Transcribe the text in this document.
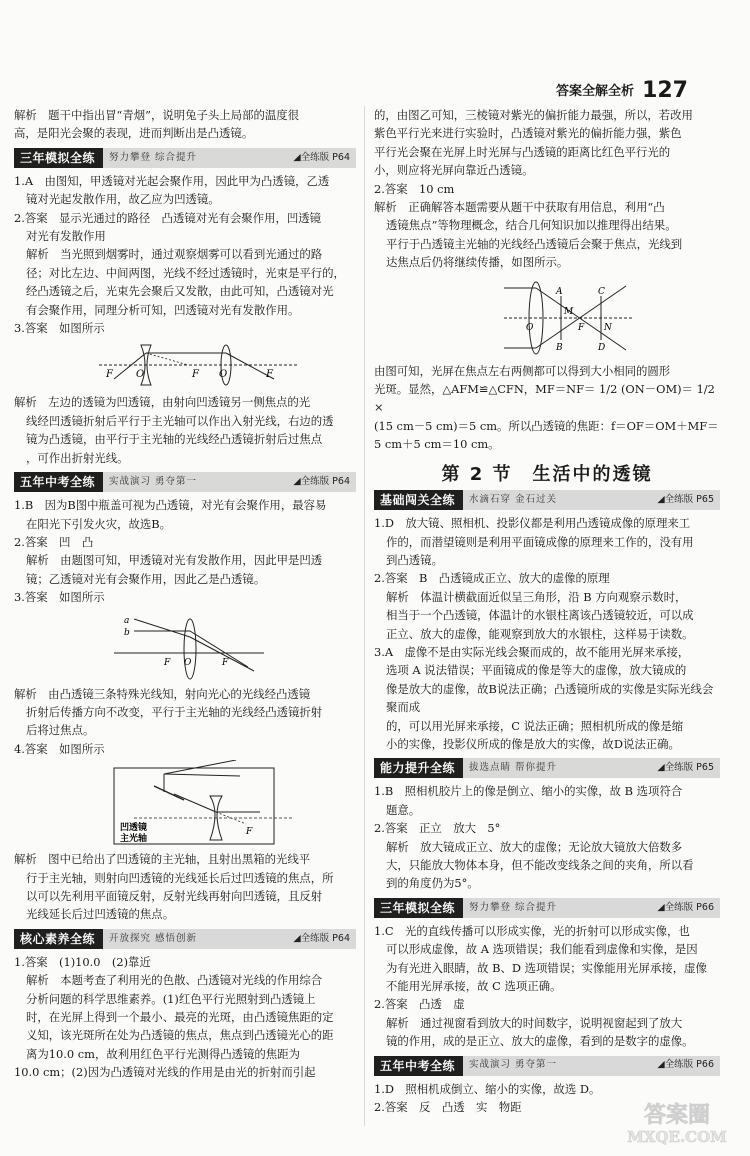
答案全解全析 127

解析　题干中指出冒“青烟”，说明兔子头上局部的温度很

高，是阳光会聚的表现，进而判断出是凸透镜。

三年模拟全练	努力攀登 综合提升	◢全练版 P64

1.A　由图知，甲透镜对光起会聚作用，因此甲为凸透镜，乙透

镜对光起发散作用，故乙应为凹透镜。

2.答案　显示光通过的路径　凸透镜对光有会聚作用，凹透镜

对光有发散作用

解析　当光照到烟雾时，通过观察烟雾可以看到光通过的路

径；对比左边、中间两图，光线不经过透镜时，光束是平行的，

经凸透镜之后，光束先会聚后又发散，由此可知，凸透镜对光

有会聚作用，同理分析可知，凹透镜对光有发散作用。

3.答案　如图所示

F O	F O	F

解析　左边的透镜为凹透镜，由射向凹透镜另一侧焦点的光

线经凹透镜折射后平行于主光轴可以作出入射光线，右边的透

镜为凸透镜，由平行于主光轴的光线经凸透镜折射后过焦点

，可作出折射光线。

五年中考全练	实战演习 勇夺第一	◢全练版 P64

1.B　因为B图中瓶盖可视为凸透镜，对光有会聚作用，最容易

在阳光下引发火灾，故选B。

2.答案　凹　凸

解析　由题图可知，甲透镜对光有发散作用，因此甲是凹透

镜；乙透镜对光有会聚作用，因此乙是凸透镜。

3.答案　如图所示

a
b
F O	F

解析　由凸透镜三条特殊光线知，射向光心的光线经凸透镜

折射后传播方向不改变，平行于主光轴的光线经凸透镜折射

后将过焦点。

4.答案　如图所示

F
凹透镜
主光轴

解析　图中已给出了凹透镜的主光轴，且射出黑箱的光线平

行于主光轴，则射向凹透镜的光线延长后过凹透镜的焦点，所

以可以先利用平面镜反射，反射光线再射向凹透镜，且反射

光线延长后过凹透镜的焦点。

核心素养全练	开放探究 感悟创新	◢全练版 P64

1.答案　(1)10.0　(2)靠近

解析　本题考查了利用光的色散、凸透镜对光线的作用综合

分析问题的科学思维素养。(1)红色平行光照射到凸透镜上

时，在光屏上得到一个最小、最亮的光斑，由凸透镜焦距的定

义知，该光斑所在处为凸透镜的焦点，焦点到凸透镜光心的距

离为10.0 cm，故利用红色平行光测得凸透镜的焦距为

10.0 cm；(2)因为凸透镜对光线的作用是由光的折射而引起

的，由图乙可知，三棱镜对紫光的偏折能力最强，所以，若改用

紫色平行光来进行实验时，凸透镜对紫光的偏折能力强，紫色

平行光会聚在光屏上时光屏与凸透镜的距离比红色平行光的

小，则应将光屏向靠近凸透镜。

2.答案　10 cm

解析　正确解答本题需要从题干中获取有用信息，利用“凸

透镜焦点”等物理概念，结合几何知识加以推理得出结果。

平行于凸透镜主光轴的光线经凸透镜后会聚于焦点，光线到

达焦点后仍将继续传播，如图所示。

A
B
C
D
F
M
N
O

由图可知，光屏在焦点左右两侧都可以得到大小相同的圆形

光斑。显然，△AFM≌△CFN，MF＝NF＝ 1/2 (ON－OM)＝ 1/2 ×

(15 cm－5 cm)＝5 cm。所以凸透镜的焦距：f＝OF＝OM＋MF＝

5 cm＋5 cm＝10 cm。

第 2 节　生活中的透镜
基础闯关全练	水滴石穿 金石过关	◢全练版 P65

1.D　放大镜、照相机、投影仪都是利用凸透镜成像的原理来工

作的，而潜望镜则是利用平面镜成像的原理来工作的，没有用

到凸透镜。

2.答案　B　凸透镜成正立、放大的虚像的原理

解析　体温计横截面近似呈三角形，沿 B 方向观察示数时，

相当于一个凸透镜，体温计的水银柱离该凸透镜较近，可以成

正立、放大的虚像，能观察到放大的水银柱，这样易于读数。

3.A　虚像不是由实际光线会聚而成的，故不能用光屏来承接，

选项 A 说法错误；平面镜成的像是等大的虚像，放大镜成的

像是放大的虚像，故B说法正确；凸透镜所成的实像是实际光线会聚而成

的，可以用光屏来承接，C 说法正确；照相机所成的像是缩

小的实像，投影仪所成的像是放大的实像，故D说法正确。

能力提升全练	拔选点睛 帮你提升	◢全练版 P65

1.B　照相机胶片上的像是倒立、缩小的实像，故 B 选项符合

题意。

2.答案　正立　放大　5°

解析　放大镜成正立、放大的虚像；无论放大镜放大倍数多

大，只能放大物体本身，但不能改变线条之间的夹角，所以看

到的角度仍为5°。

三年模拟全练	努力攀登 综合提升	◢全练版 P66

1.C　光的直线传播可以形成实像，光的折射可以形成实像，也

可以形成虚像，故 A 选项错误；我们能看到虚像和实像，是因

为有光进入眼睛，故 B、D 选项错误；实像能用光屏承接，虚像

不能用光屏承接，故 C 选项正确。

2.答案　凸透　虚

解析　通过视窗看到放大的时间数字，说明视窗起到了放大

镜的作用，成的是正立、放大的虚像，看到的是数字的虚像。

五年中考全练	实战演习 勇夺第一	◢全练版 P66

1.D　照相机成倒立、缩小的实像，故选 D。

2.答案　反　凸透　实　物距	答案圈
MXQE.COM
